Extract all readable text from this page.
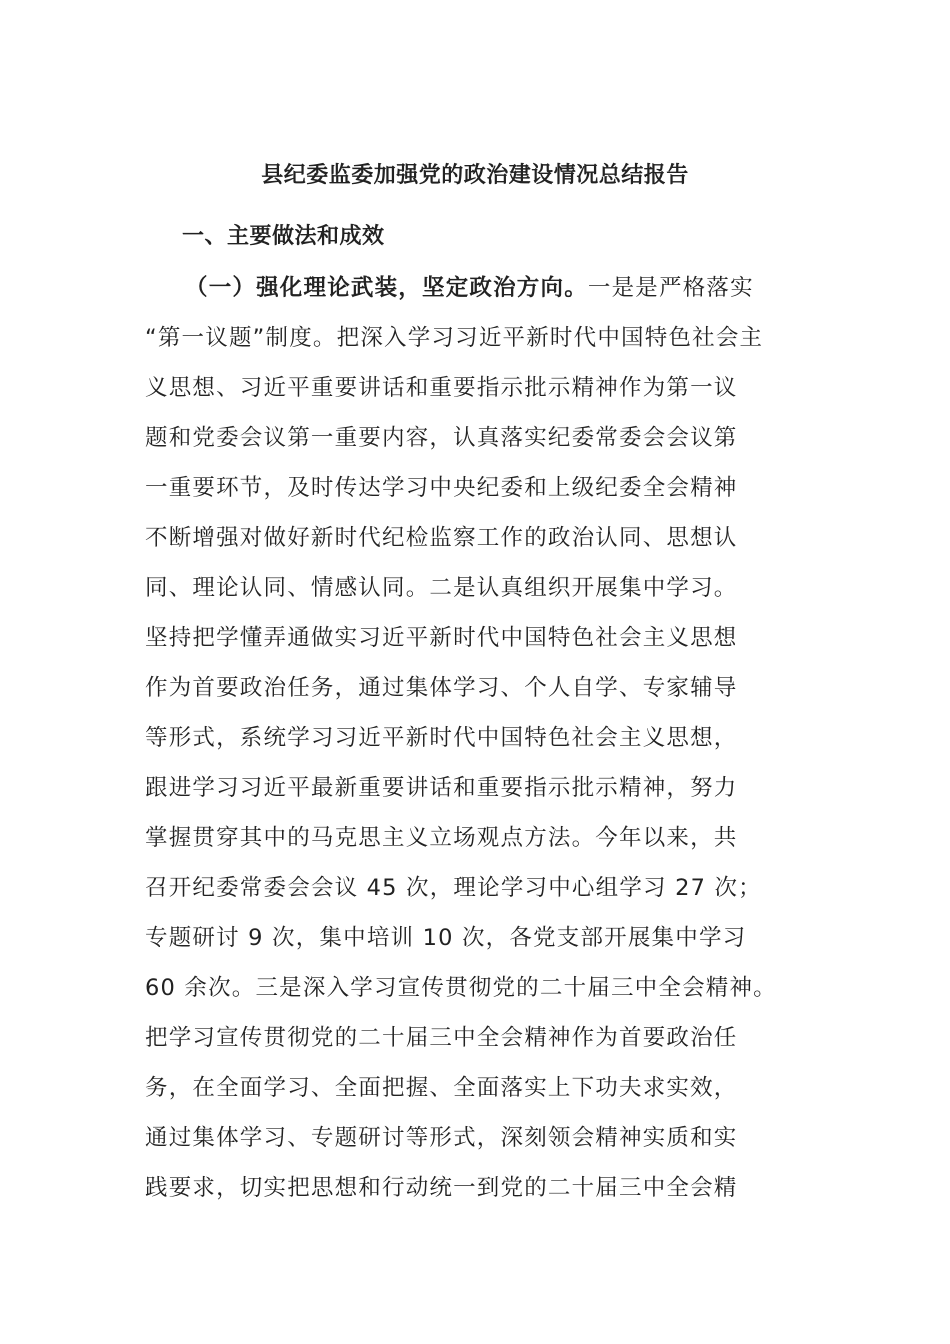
县纪委监委加强党的政治建设情况总结报告
一、主要做法和成效
（一）强化理论武装，坚定政治方向。一是是严格落实
“第一议题”制度。把深入学习习近平新时代中国特色社会主
义思想、习近平重要讲话和重要指示批示精神作为第一议
题和党委会议第一重要内容，认真落实纪委常委会会议第
一重要环节，及时传达学习中央纪委和上级纪委全会精神
不断增强对做好新时代纪检监察工作的政治认同、思想认
同、理论认同、情感认同。二是认真组织开展集中学习。
坚持把学懂弄通做实习近平新时代中国特色社会主义思想
作为首要政治任务，通过集体学习、个人自学、专家辅导
等形式，系统学习习近平新时代中国特色社会主义思想，
跟进学习习近平最新重要讲话和重要指示批示精神，努力
掌握贯穿其中的马克思主义立场观点方法。今年以来，共
召开纪委常委会会议 45 次，理论学习中心组学习 27 次；
专题研讨 9 次，集中培训 10 次，各党支部开展集中学习
60 余次。三是深入学习宣传贯彻党的二十届三中全会精神。
把学习宣传贯彻党的二十届三中全会精神作为首要政治任
务，在全面学习、全面把握、全面落实上下功夫求实效，
通过集体学习、专题研讨等形式，深刻领会精神实质和实
践要求，切实把思想和行动统一到党的二十届三中全会精
